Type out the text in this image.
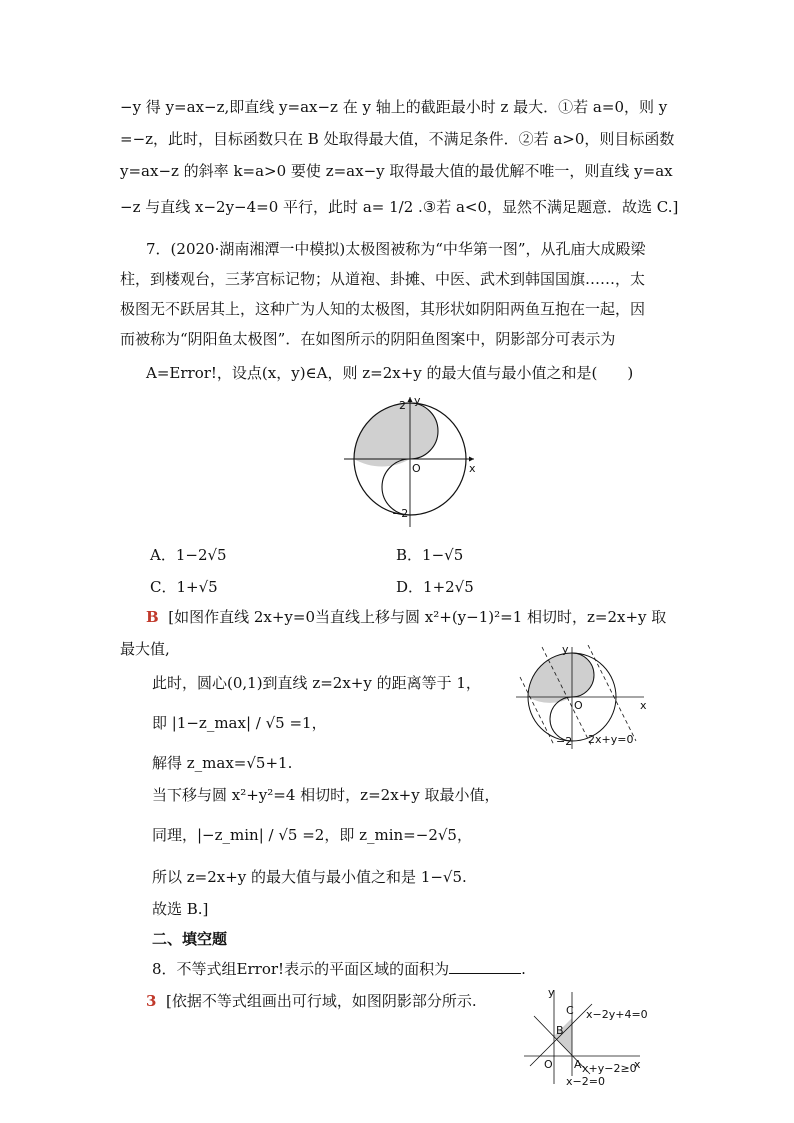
−y 得 y=ax−z,即直线 y=ax−z 在 y 轴上的截距最小时 z 最大．①若 a=0，则 y
=−z，此时，目标函数只在 B 处取得最大值，不满足条件．②若 a>0，则目标函数
y=ax−z 的斜率 k=a>0 要使 z=ax−y 取得最大值的最优解不唯一，则直线 y=ax
−z 与直线 x−2y−4=0 平行，此时 a= 1/2 .③若 a<0，显然不满足题意．故选 C.]
7．(2020·湖南湘潭一中模拟)太极图被称为“中华第一图”，从孔庙大成殿梁
柱，到楼观台，三茅宫标记物；从道袍、卦摊、中医、武术到韩国国旗……，太
极图无不跃居其上，这种广为人知的太极图，其形状如阴阳两鱼互抱在一起，因
而被称为“阴阳鱼太极图”．在如图所示的阴阳鱼图案中，阴影部分可表示为
A=Error!，设点(x，y)∈A，则 z=2x+y 的最大值与最小值之和是(　　)
y
x
O
2
−2
A．1−2√5	B．1−√5
C．1+√5	D．1+2√5
B [如图作直线 2x+y=0当直线上移与圆 x²+(y−1)²=1 相切时，z=2x+y 取
最大值,
此时，圆心(0,1)到直线 z=2x+y 的距离等于 1，
即 |1−z_max| / √5 =1，
解得 z_max=√5+1.
当下移与圆 x²+y²=4 相切时，z=2x+y 取最小值，
同理，|−z_min| / √5 =2，即 z_min=−2√5，
所以 z=2x+y 的最大值与最小值之和是 1−√5.
故选 B.]
y
x
O
−2 2x+y=0
二、填空题
8．不等式组Error!表示的平面区域的面积为	.
3 [依据不等式组画出可行域，如图阴影部分所示.	y
x
O A
B
C x−2y+4=0
x+y−2≥0
x−2=0
